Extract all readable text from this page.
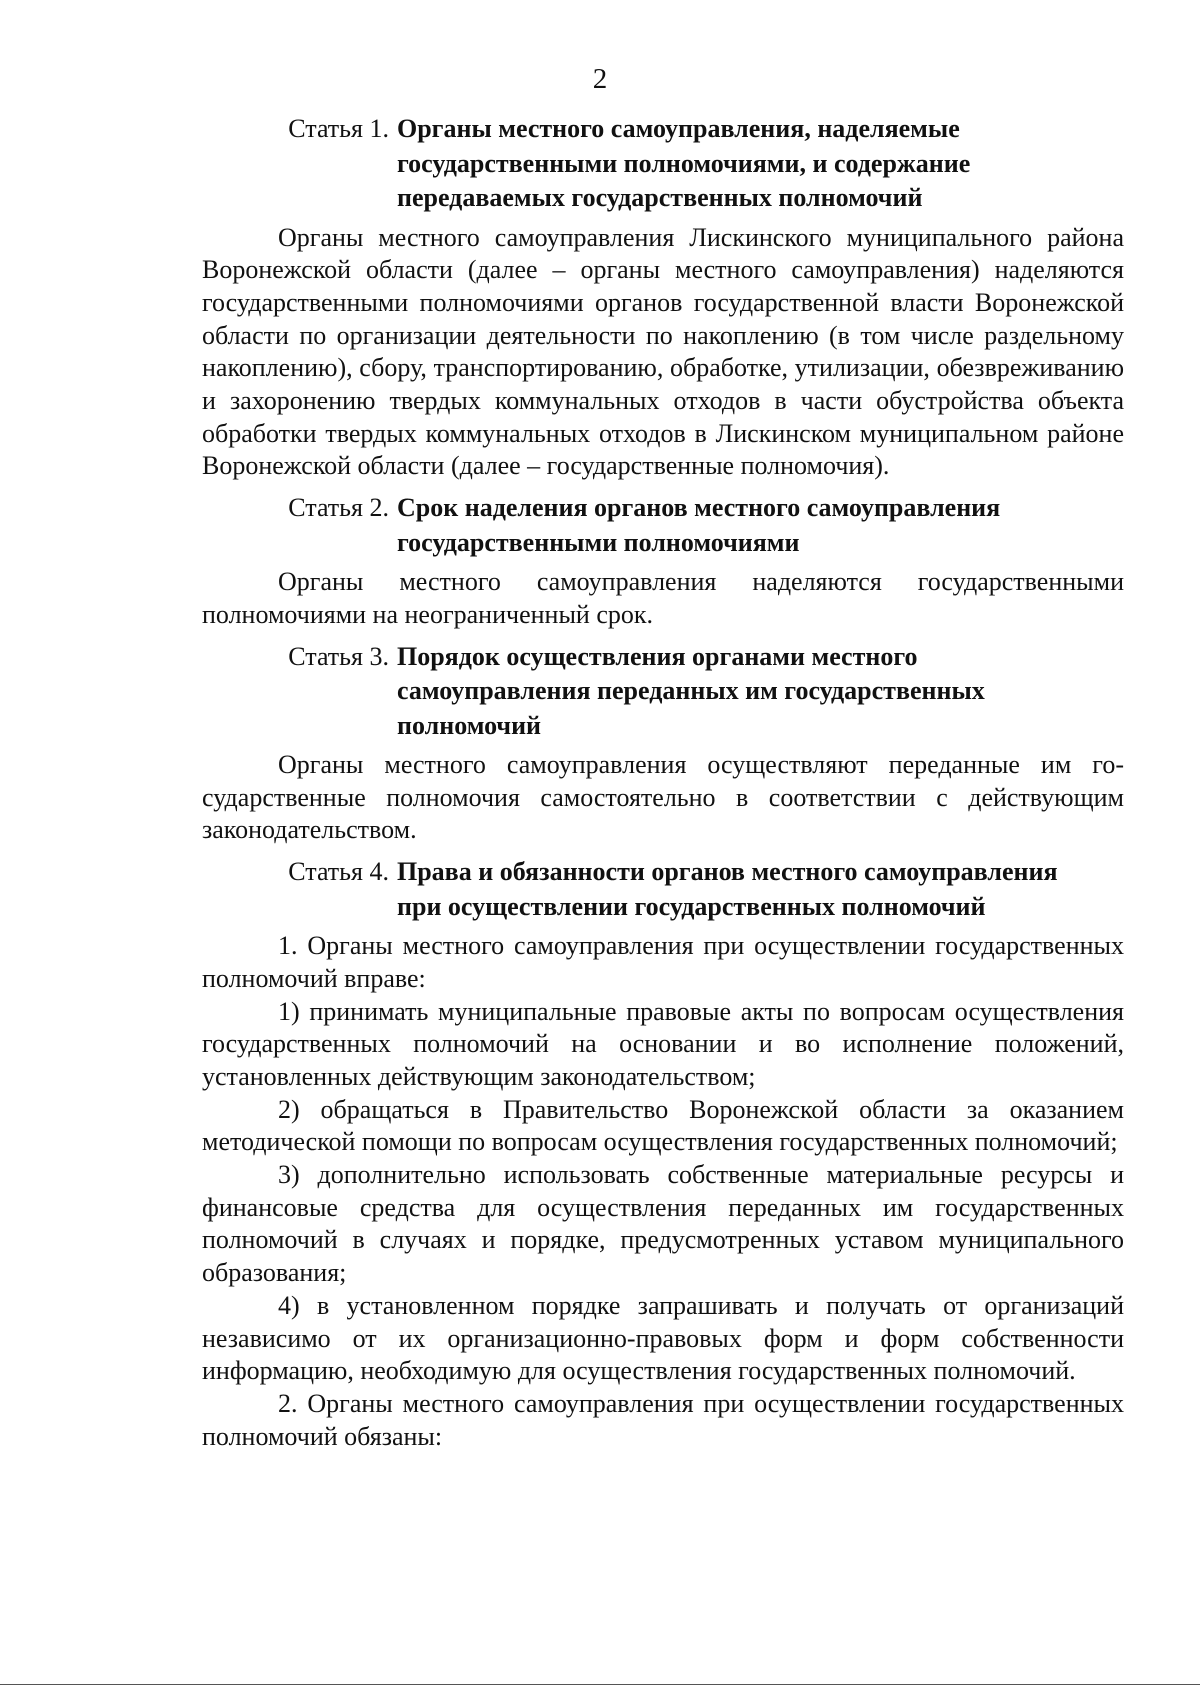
2
Статья 1. Органы местного самоуправления, наделяемые государственными полномочиями, и содержание передаваемых государственных полномочий

Органы местного самоуправления Лискинского муниципального района Воронежской области (далее – органы местного самоуправления) наделяются государственными полномочиями органов государственной власти Воронежской области по организации деятельности по накоплению (в том числе раздельному накоплению), сбору, транспортированию, обработке, утилизации, обезвреживанию и захоронению твердых коммунальных отходов в части обустройства объекта обработки твердых коммунальных отходов в Лискинском муниципальном районе Воронежской области (далее – государственные полномочия).

Статья 2. Срок наделения органов местного самоуправления государственными полномочиями

Органы местного самоуправления наделяются государственными полномочиями на неограниченный срок.

Статья 3. Порядок осуществления органами местного самоуправления переданных им государственных полномочий

Органы местного самоуправления осуществляют переданные им государственные полномочия самостоятельно в соответствии с действующим законодательством.

Статья 4. Права и обязанности органов местного самоуправления при осуществлении государственных полномочий

1. Органы местного самоуправления при осуществлении государственных полномочий вправе:

1) принимать муниципальные правовые акты по вопросам осуществления государственных полномочий на основании и во исполнение положений, установленных действующим законодательством;

2) обращаться в Правительство Воронежской области за оказанием методической помощи по вопросам осуществления государственных полномочий;

3) дополнительно использовать собственные материальные ресурсы и финансовые средства для осуществления переданных им государственных полномочий в случаях и порядке, предусмотренных уставом муниципального образования;

4) в установленном порядке запрашивать и получать от организаций независимо от их организационно-правовых форм и форм собственности информацию, необходимую для осуществления государственных полномочий.

2. Органы местного самоуправления при осуществлении государственных полномочий обязаны:
